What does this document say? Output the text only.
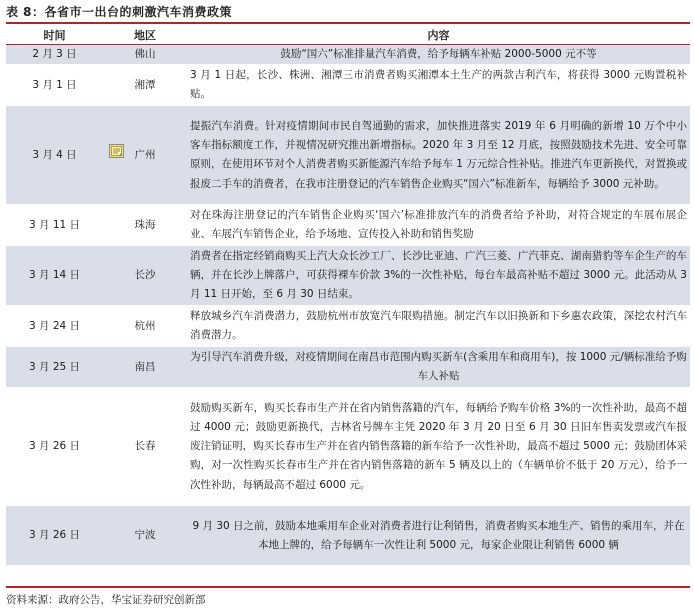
表 8：各省市一出台的刺激汽车消费政策
时间	地区	内容
2 月 3 日	佛山	鼓励“国六”标准排量汽车消费，给予每辆车补贴 2000-5000 元不等
3 月 1 日	湘潭	3 月 1 日起，长沙、株洲、湘潭三市消费者购买湘潭本土生产的两款吉利汽车，将获得 3000 元购置税补贴。
3 月 4 日	广州	提振汽车消费。针对疫情期间市民自驾通勤的需求，加快推进落实 2019 年 6 月明确的新增 10 万个中小客车指标额度工作，并视情况研究推出新增指标。2020 年 3 月至 12 月底，按照鼓励技术先进、安全可靠原则，在使用环节对个人消费者购买新能源汽车给予每车 1 万元综合性补贴。推进汽车更新换代，对置换或报废二手车的消费者，在我市注册登记的汽车销售企业购买“国六”标准新车，每辆给予 3000 元补助。
3 月 11 日	珠海	对在珠海注册登记的汽车销售企业购买‘国六’标准排放汽车的消费者给予补助，对符合规定的车展布展企业、车展汽车销售企业，给予场地、宣传投入补助和销售奖励
3 月 14 日	长沙	消费者在指定经销商购买上汽大众长沙工厂、长沙比亚迪、广汽三菱、广汽菲克、湖南猎豹等车企生产的车辆，并在长沙上牌落户，可获得裸车价款 3%的一次性补贴，每台车最高补贴不超过 3000 元。此活动从 3 月 11 日开始，至 6 月 30 日结束。
3 月 24 日	杭州	释放城乡汽车消费潜力，鼓励杭州市放宽汽车限购措施。制定汽车以旧换新和下乡惠农政策，深挖农村汽车消费潜力。
3 月 25 日	南昌	为引导汽车消费升级，对疫情期间在南昌市范围内购买新车(含乘用车和商用车)，按 1000 元/辆标准给予购车人补贴
3 月 26 日	长春	鼓励购买新车，购买长春市生产并在省内销售落籍的汽车，每辆给予购车价格 3%的一次性补助，最高不超过 4000 元；鼓励更新换代，吉林省号牌车主凭 2020 年 3 月 20 日至 6 月 30 日旧车售卖发票或汽车报废注销证明，购买长春市生产并在省内销售落籍的新车给予一次性补助，最高不超过 5000 元；鼓励团体采购，对一次性购买长春市生产并在省内销售落籍的新车 5 辆及以上的（车辆单价不低于 20 万元），给予一次性补助，每辆最高不超过 6000 元。
3 月 26 日	宁波	9 月 30 日之前，鼓励本地乘用车企业对消费者进行让利销售，消费者购买本地生产、销售的乘用车，并在本地上牌的，给予每辆车一次性让利 5000 元，每家企业限让利销售 6000 辆
资料来源：政府公告，华宝证券研究创新部
